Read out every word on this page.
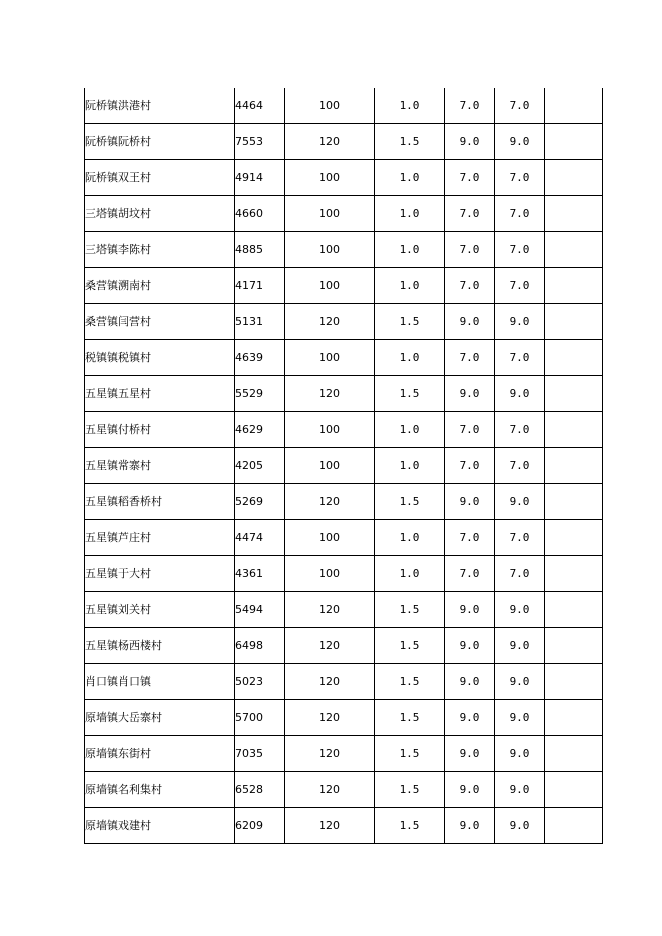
阮桥镇洪港村	4464	100	1.0	7.0	7.0	
阮桥镇阮桥村	7553	120	1.5	9.0	9.0	
阮桥镇双王村	4914	100	1.0	7.0	7.0	
三塔镇胡坟村	4660	100	1.0	7.0	7.0	
三塔镇李陈村	4885	100	1.0	7.0	7.0	
桑营镇溯南村	4171	100	1.0	7.0	7.0	
桑营镇闫营村	5131	120	1.5	9.0	9.0	
税镇镇税镇村	4639	100	1.0	7.0	7.0	
五星镇五星村	5529	120	1.5	9.0	9.0	
五星镇付桥村	4629	100	1.0	7.0	7.0	
五星镇常寨村	4205	100	1.0	7.0	7.0	
五星镇稻香桥村	5269	120	1.5	9.0	9.0	
五星镇芦庄村	4474	100	1.0	7.0	7.0	
五星镇于大村	4361	100	1.0	7.0	7.0	
五星镇刘关村	5494	120	1.5	9.0	9.0	
五星镇杨西楼村	6498	120	1.5	9.0	9.0	
肖口镇肖口镇	5023	120	1.5	9.0	9.0	
原墙镇大岳寨村	5700	120	1.5	9.0	9.0	
原墙镇东街村	7035	120	1.5	9.0	9.0	
原墙镇名利集村	6528	120	1.5	9.0	9.0	
原墙镇戏建村	6209	120	1.5	9.0	9.0	
